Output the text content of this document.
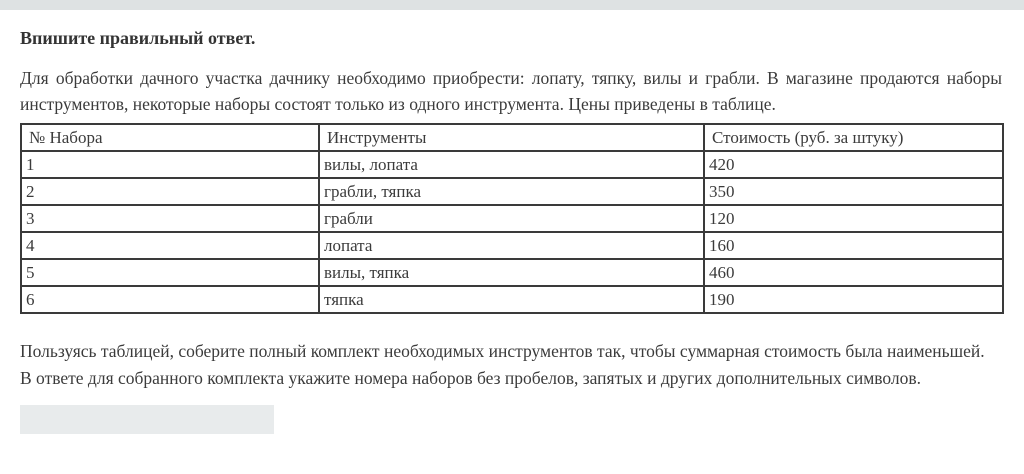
Впишите правильный ответ.

Для обработки дачного участка дачнику необходимо приобрести: лопату, тяпку, вилы и грабли. В магазине продаются наборы инструментов, некоторые наборы состоят только из одного инструмента. Цены приведены в таблице.

№ Набора	Инструменты	Стоимость (руб. за штуку)
1	вилы, лопата	420
2	грабли, тяпка	350
3	грабли	120
4	лопата	160
5	вилы, тяпка	460
6	тяпка	190

Пользуясь таблицей, соберите полный комплект необходимых инструментов так, чтобы суммарная стоимость была наименьшей.

В ответе для собранного комплекта укажите номера наборов без пробелов, запятых и других дополнительных символов.
